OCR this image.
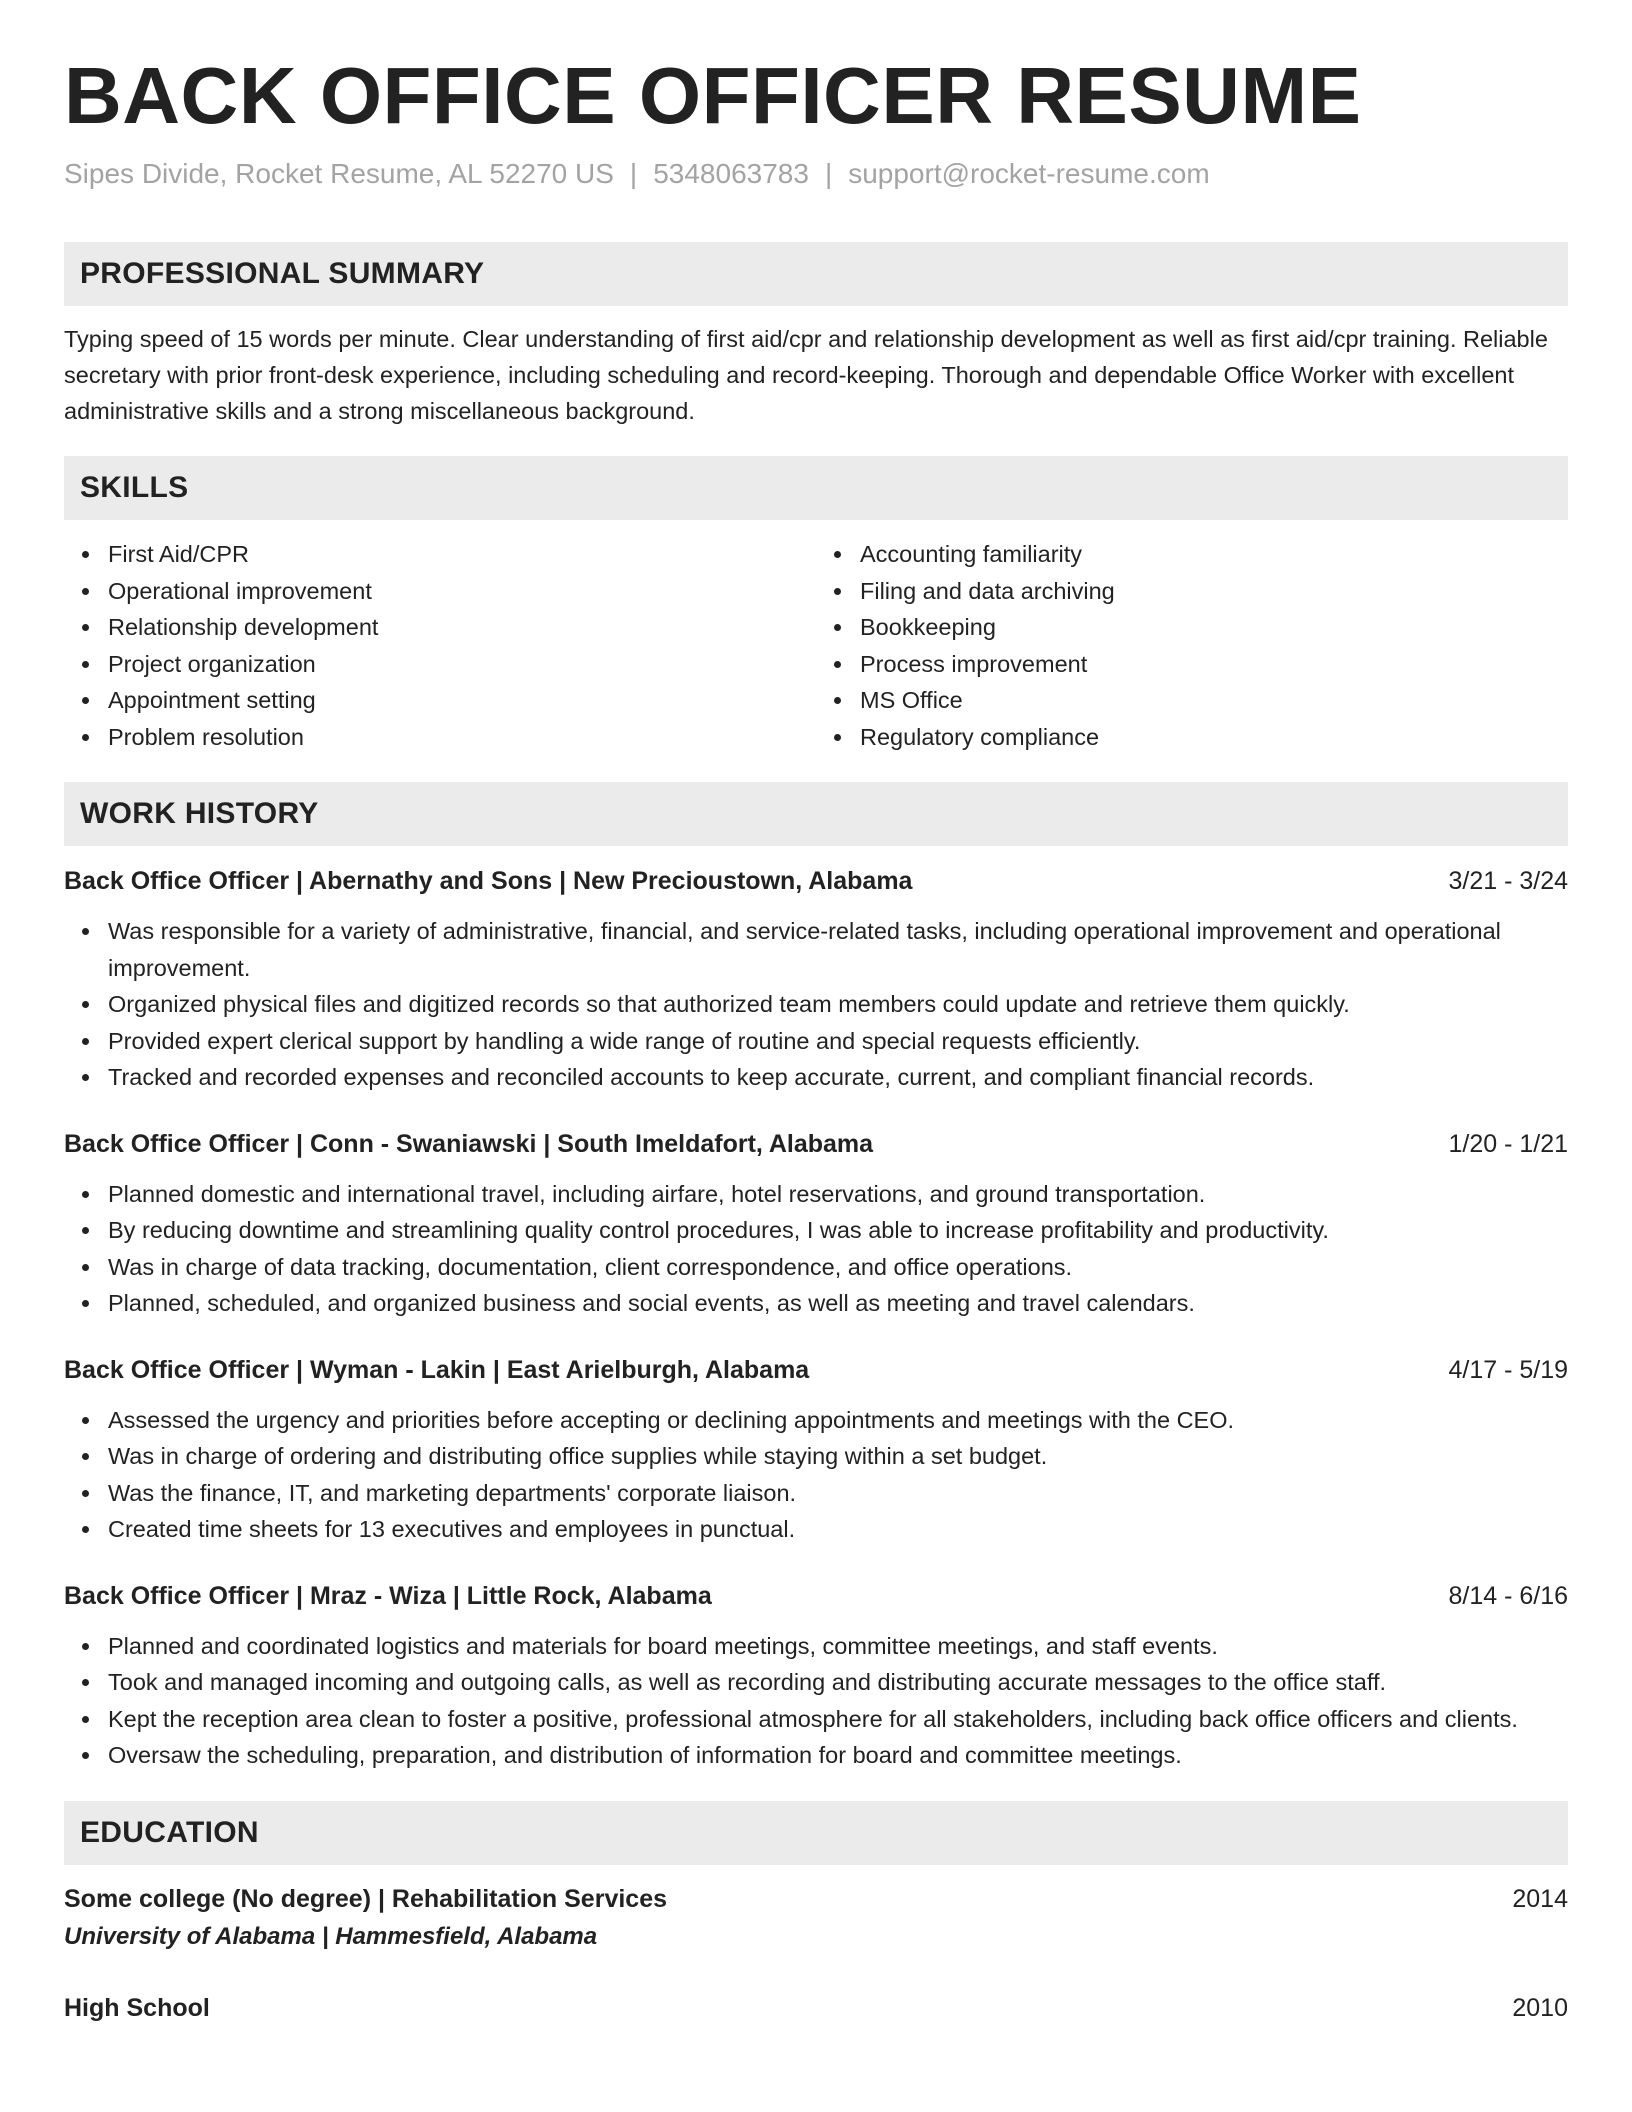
BACK OFFICE OFFICER RESUME
Sipes Divide, Rocket Resume, AL 52270 US | 5348063783 | support@rocket-resume.com
PROFESSIONAL SUMMARY
Typing speed of 15 words per minute. Clear understanding of first aid/cpr and relationship development as well as first aid/cpr training. Reliable secretary with prior front-desk experience, including scheduling and record-keeping. Thorough and dependable Office Worker with excellent administrative skills and a strong miscellaneous background.
SKILLS
First Aid/CPR
Operational improvement
Relationship development
Project organization
Appointment setting
Problem resolution
Accounting familiarity
Filing and data archiving
Bookkeeping
Process improvement
MS Office
Regulatory compliance
WORK HISTORY
Back Office Officer | Abernathy and Sons | New Precioustown, Alabama	3/21 - 3/24
Was responsible for a variety of administrative, financial, and service-related tasks, including operational improvement and operational improvement.
Organized physical files and digitized records so that authorized team members could update and retrieve them quickly.
Provided expert clerical support by handling a wide range of routine and special requests efficiently.
Tracked and recorded expenses and reconciled accounts to keep accurate, current, and compliant financial records.
Back Office Officer | Conn - Swaniawski | South Imeldafort, Alabama	1/20 - 1/21
Planned domestic and international travel, including airfare, hotel reservations, and ground transportation.
By reducing downtime and streamlining quality control procedures, I was able to increase profitability and productivity.
Was in charge of data tracking, documentation, client correspondence, and office operations.
Planned, scheduled, and organized business and social events, as well as meeting and travel calendars.
Back Office Officer | Wyman - Lakin | East Arielburgh, Alabama	4/17 - 5/19
Assessed the urgency and priorities before accepting or declining appointments and meetings with the CEO.
Was in charge of ordering and distributing office supplies while staying within a set budget.
Was the finance, IT, and marketing departments' corporate liaison.
Created time sheets for 13 executives and employees in punctual.
Back Office Officer | Mraz - Wiza | Little Rock, Alabama	8/14 - 6/16
Planned and coordinated logistics and materials for board meetings, committee meetings, and staff events.
Took and managed incoming and outgoing calls, as well as recording and distributing accurate messages to the office staff.
Kept the reception area clean to foster a positive, professional atmosphere for all stakeholders, including back office officers and clients.
Oversaw the scheduling, preparation, and distribution of information for board and committee meetings.
EDUCATION
Some college (No degree) | Rehabilitation Services	2014
University of Alabama | Hammesfield, Alabama
High School	2010
